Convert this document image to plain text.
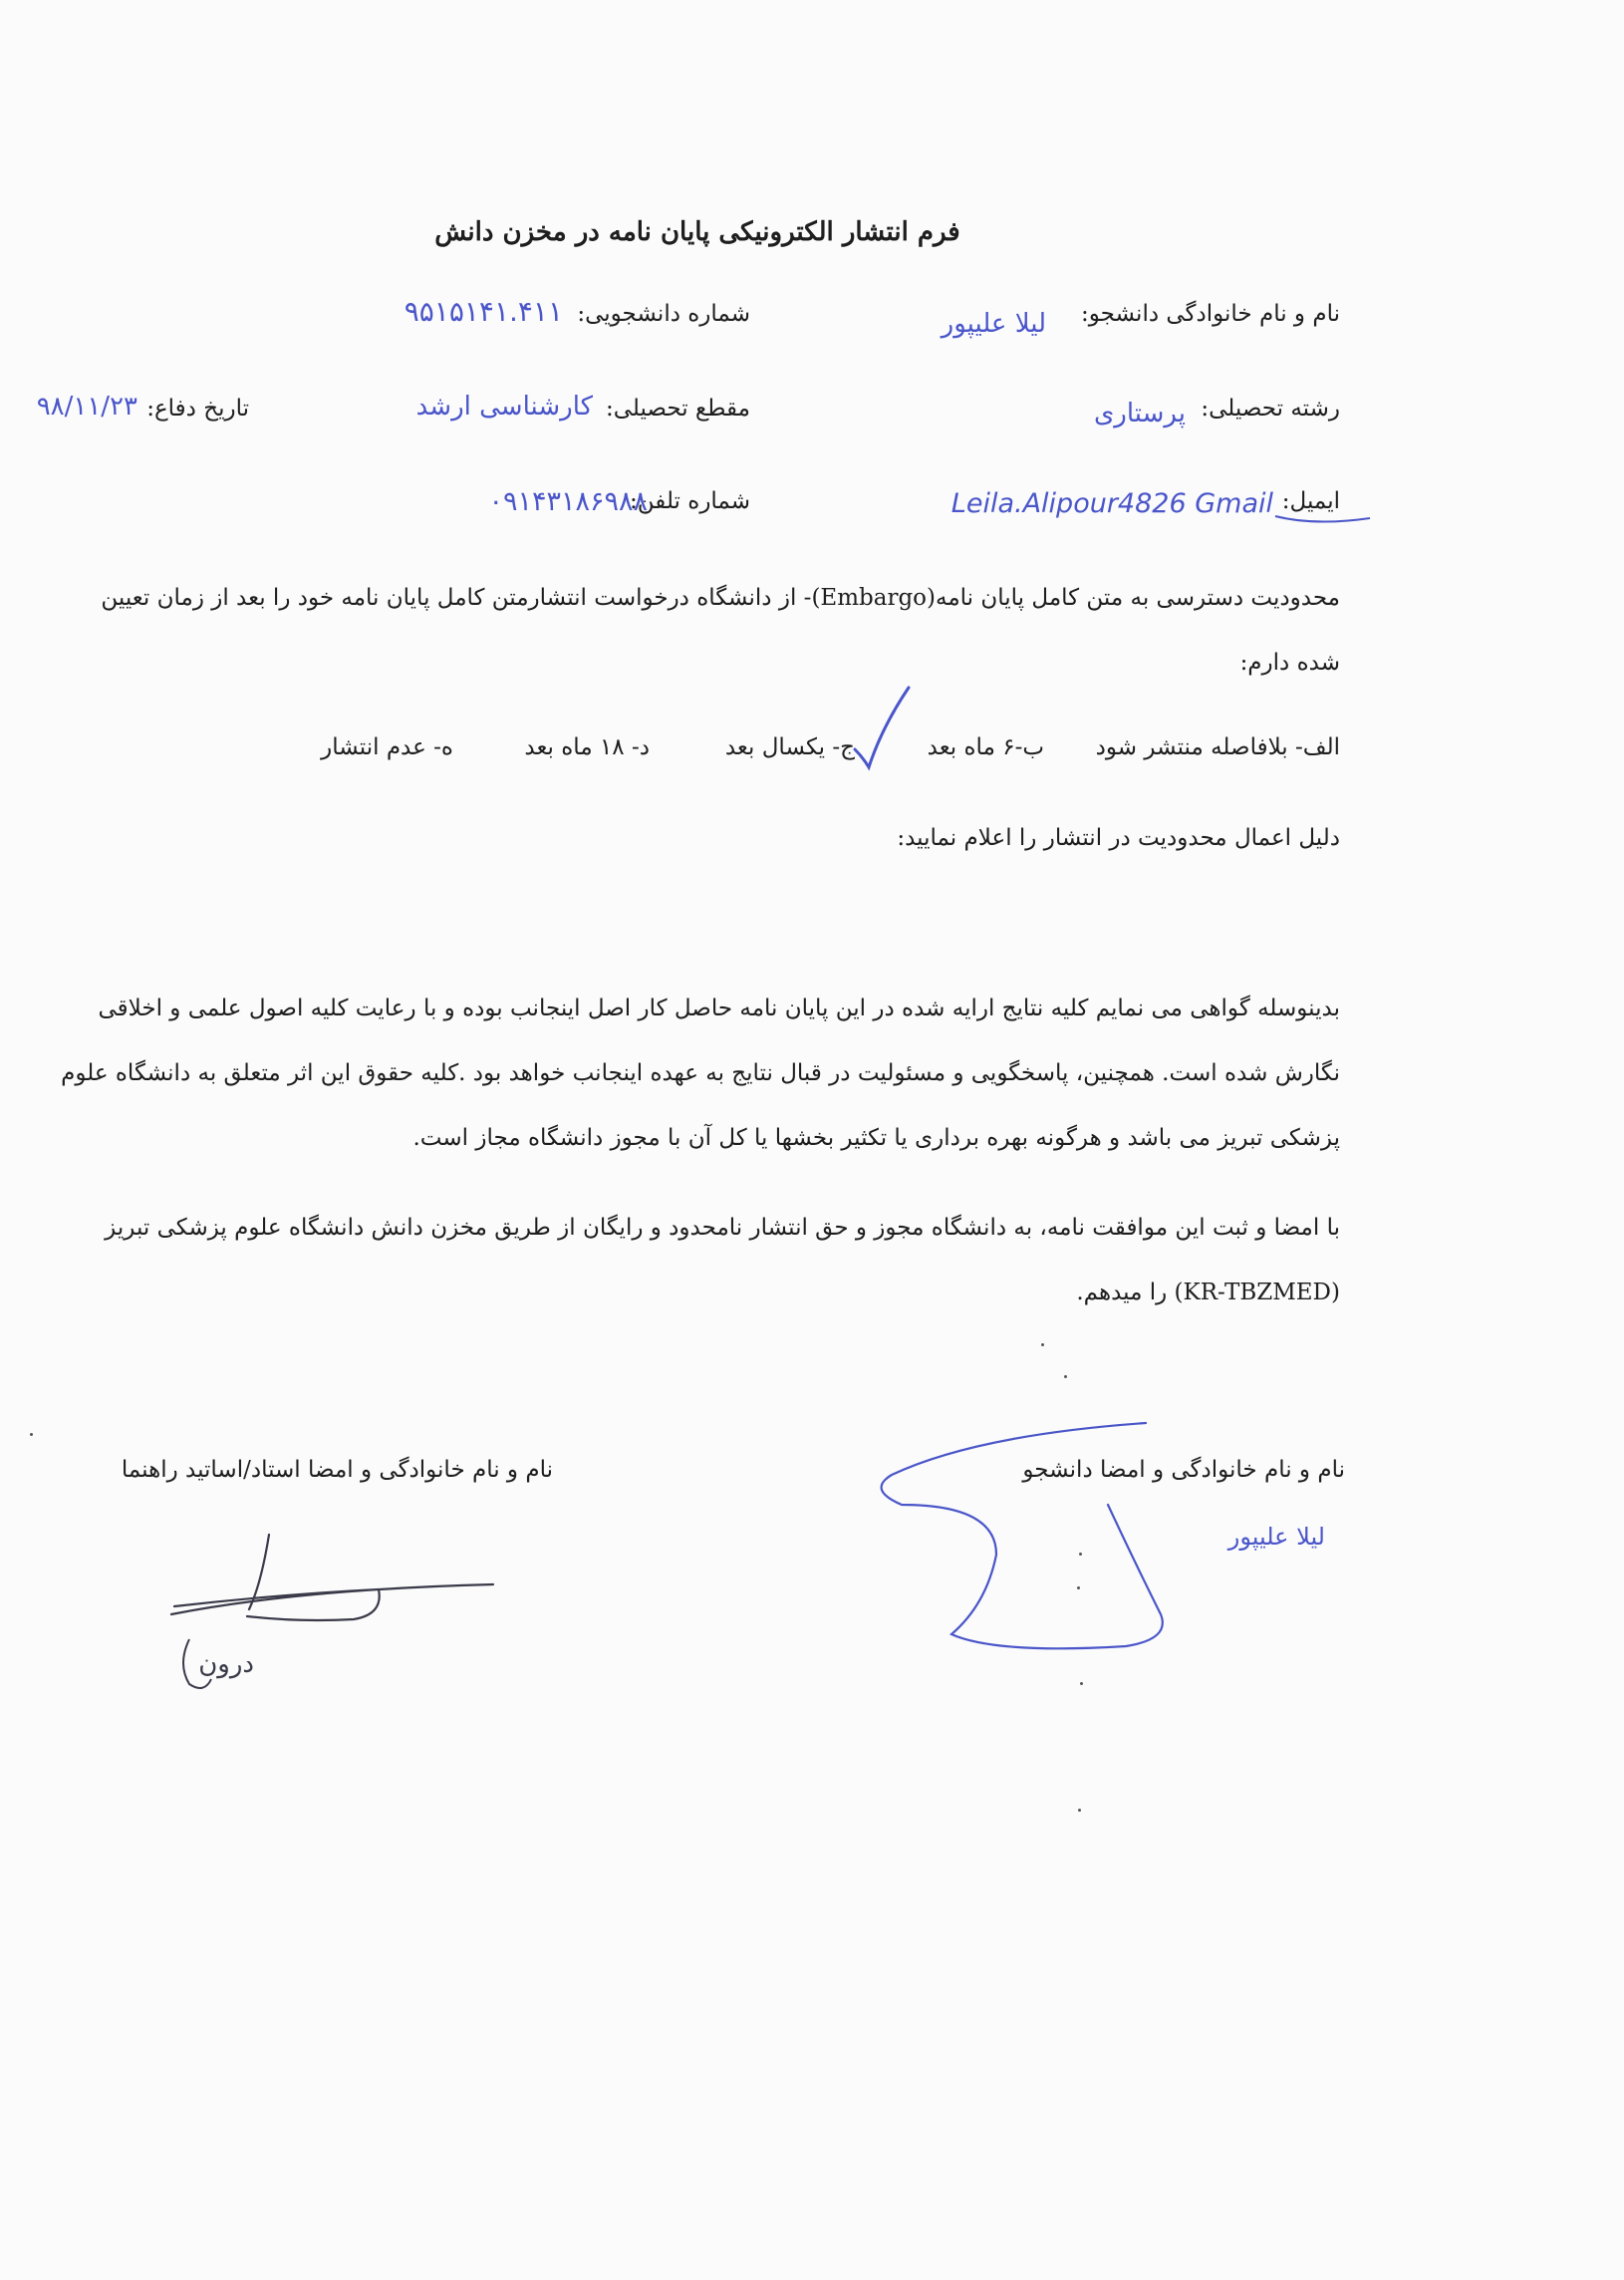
فرم انتشار الکترونیکی پایان نامه در مخزن دانش
نام و نام خانوادگی دانشجو:
لیلا علیپور
شماره دانشجویی:
۹۵۱۵۱۴۱.۴۱۱
رشته تحصیلی:
پرستاری
مقطع تحصیلی:
کارشناسی ارشد
تاریخ دفاع:
۹۸/۱۱/۲۳
ایمیل:
Leila.Alipour4826 Gmail
شماره تلفن:
۰۹۱۴۳۱۸۶۹۸۸
محدودیت دسترسی به متن کامل پایان نامه(Embargo)- از دانشگاه درخواست انتشارمتن کامل پایان نامه خود را بعد از زمان تعیین
شده دارم:
الف- بلافاصله منتشر شود
ب-۶ ماه بعد
ج- یکسال بعد
د- ۱۸ ماه بعد
ه- عدم انتشار
دلیل اعمال محدودیت در انتشار را اعلام نمایید:
بدینوسله گواهی می نمایم کلیه نتایج ارایه شده در این پایان نامه حاصل کار اصل اینجانب بوده و با رعایت کلیه اصول علمی و اخلاقی
نگارش شده است. همچنین، پاسخگویی و مسئولیت در قبال نتایج به عهده اینجانب خواهد بود .کلیه حقوق این اثر متعلق به دانشگاه علوم
پزشکی تبریز می باشد و هرگونه بهره برداری یا تکثیر بخشها یا کل آن با مجوز دانشگاه مجاز است.
با امضا و ثبت این موافقت نامه، به دانشگاه مجوز و حق انتشار نامحدود و رایگان از طریق مخزن دانش دانشگاه علوم پزشکی تبریز
(KR-TBZMED) را میدهم.
نام و نام خانوادگی و امضا دانشجو
نام و نام خانوادگی و امضا استاد/اساتید راهنما
لیلا علیپور
درون
